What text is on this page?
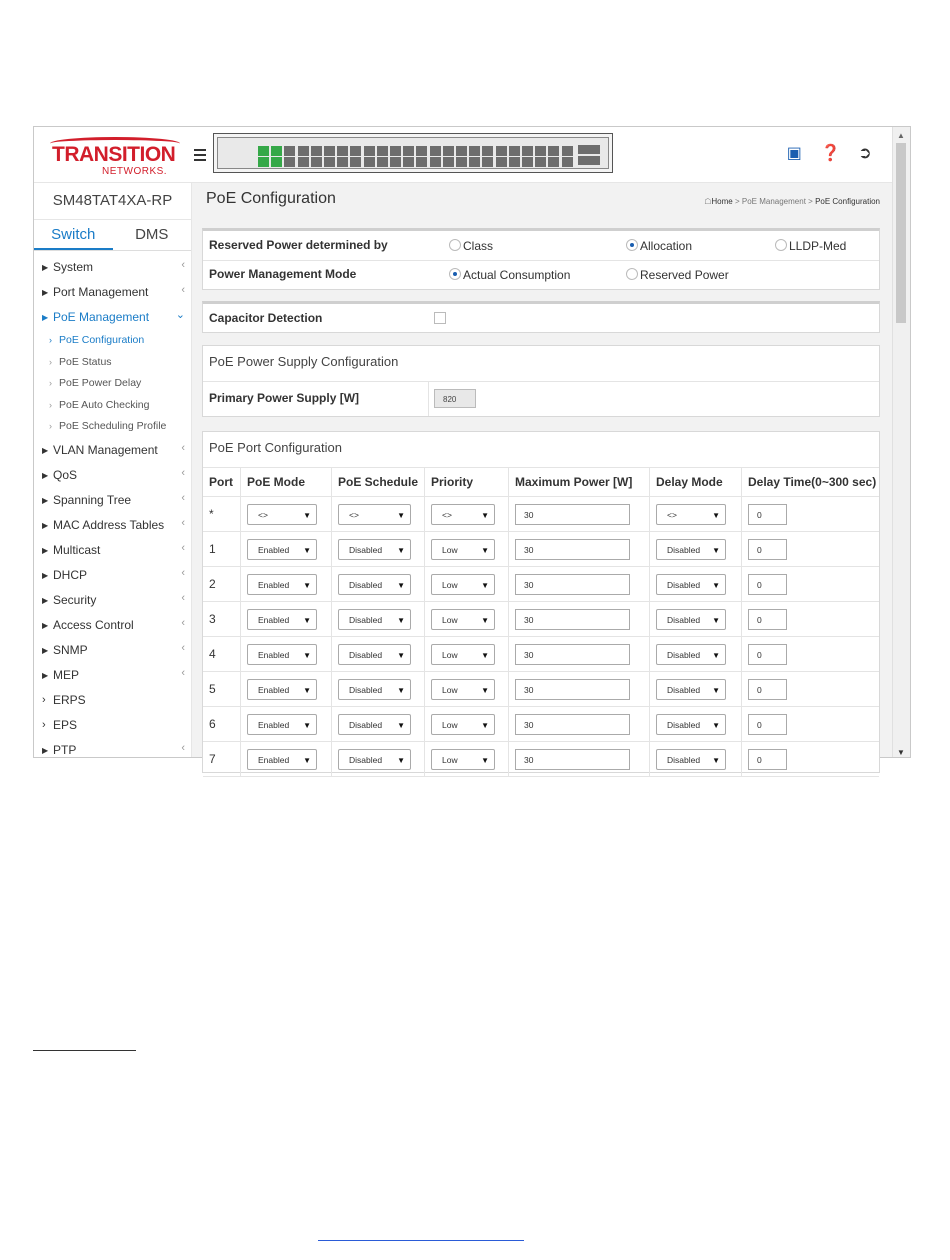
TRANSITION
NETWORKS.
▣ ❓ ➲
SM48TAT4XA-RP
Switch	DMS
▶ System	‹
▶ Port Management	‹
▶ PoE Management ⌄
› PoE Configuration
› PoE Status
› PoE Power Delay
› PoE Auto Checking
› PoE Scheduling Profile
▶ VLAN Management ‹
▶ QoS	‹
▶ Spanning Tree	‹
▶ MAC Address Tables ‹
▶ Multicast	‹
▶ DHCP	‹
▶ Security	‹
▶ Access Control	‹
▶ SNMP	‹
▶ MEP	‹
› ERPS
› EPS
▶ PTP	‹
PoE Configuration	☖Home > PoE Management > PoE Configuration
Reserved Power determined by	Class	Allocation	LLDP-Med
Power Management Mode	Actual Consumption	Reserved Power
Capacitor Detection
PoE Power Supply Configuration
Primary Power Supply [W]	820
PoE Port Configuration
Port	PoE Mode	PoE Schedule	Priority	Maximum Power [W]	Delay Mode	Delay Time(0~300 sec)
*	<> ▼	<> ▼	<> ▼	30	<> ▼	0

1	Enabled ▼	Disabled ▼	Low ▼	30	Disabled ▼	0

2	Enabled ▼	Disabled ▼	Low ▼	30	Disabled ▼	0

3	Enabled ▼	Disabled ▼	Low ▼	30	Disabled ▼	0

4	Enabled ▼	Disabled ▼	Low ▼	30	Disabled ▼	0

5	Enabled ▼	Disabled ▼	Low ▼	30	Disabled ▼	0

6	Enabled ▼	Disabled ▼	Low ▼	30	Disabled ▼	0

7	Enabled ▼	Disabled ▼	Low ▼	30	Disabled ▼	0
▲
▼
